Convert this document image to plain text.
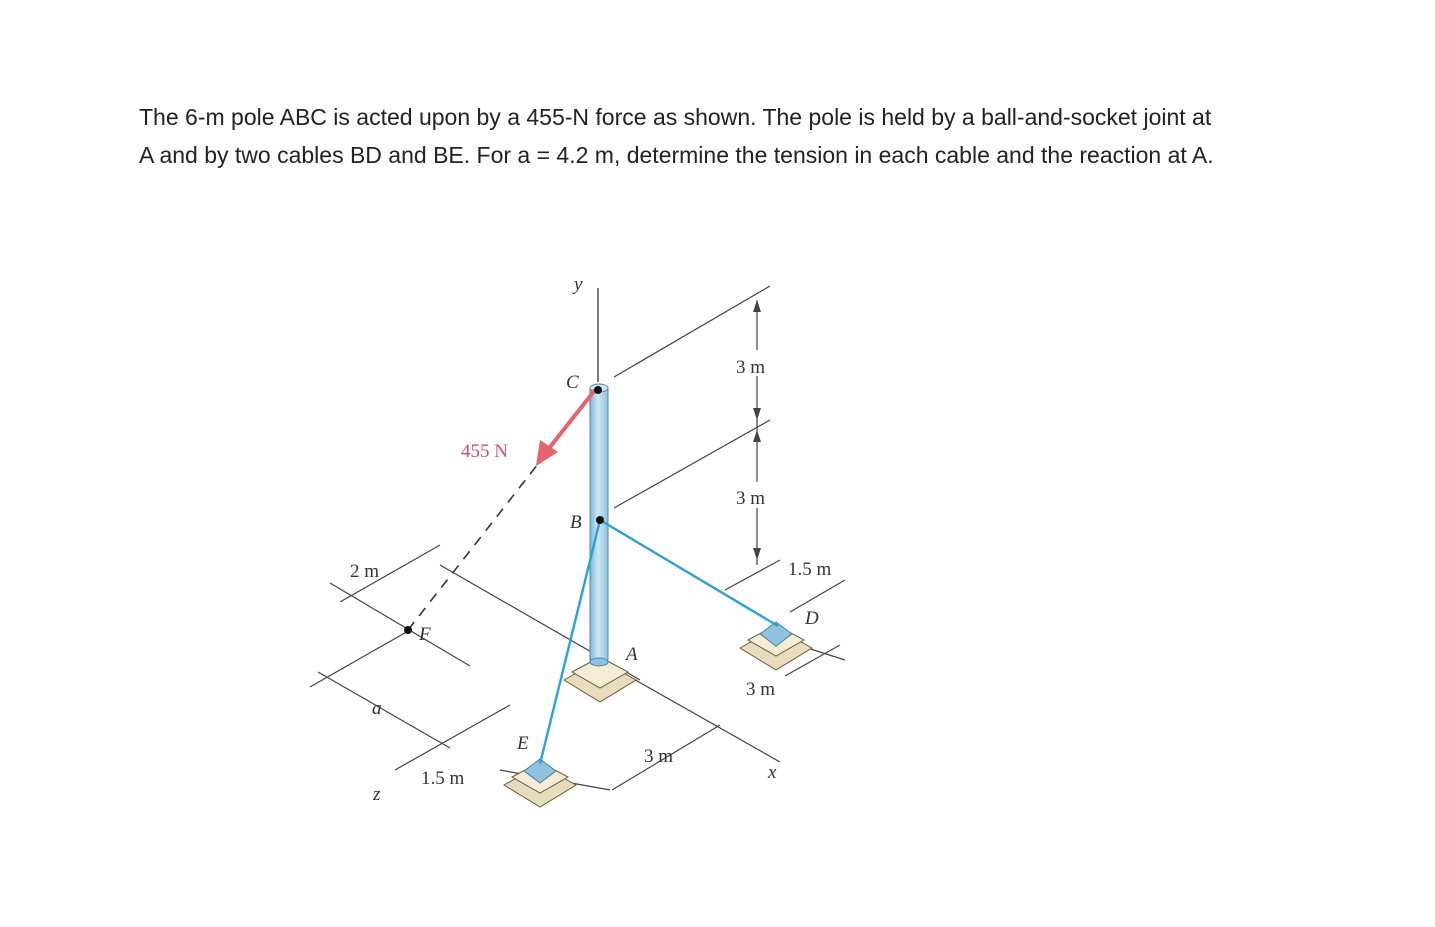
The 6-m pole ABC is acted upon by a 455-N force as shown. The pole is held by a ball-and-socket joint at
A and by two cables BD and BE. For a = 4.2 m, determine the tension in each cable and the reaction at A.
y
3 m
3 m
C
B
A
D
E
F
455 N
1.5 m
3 m
3 m
1.5 m
2 m
a
x
z
